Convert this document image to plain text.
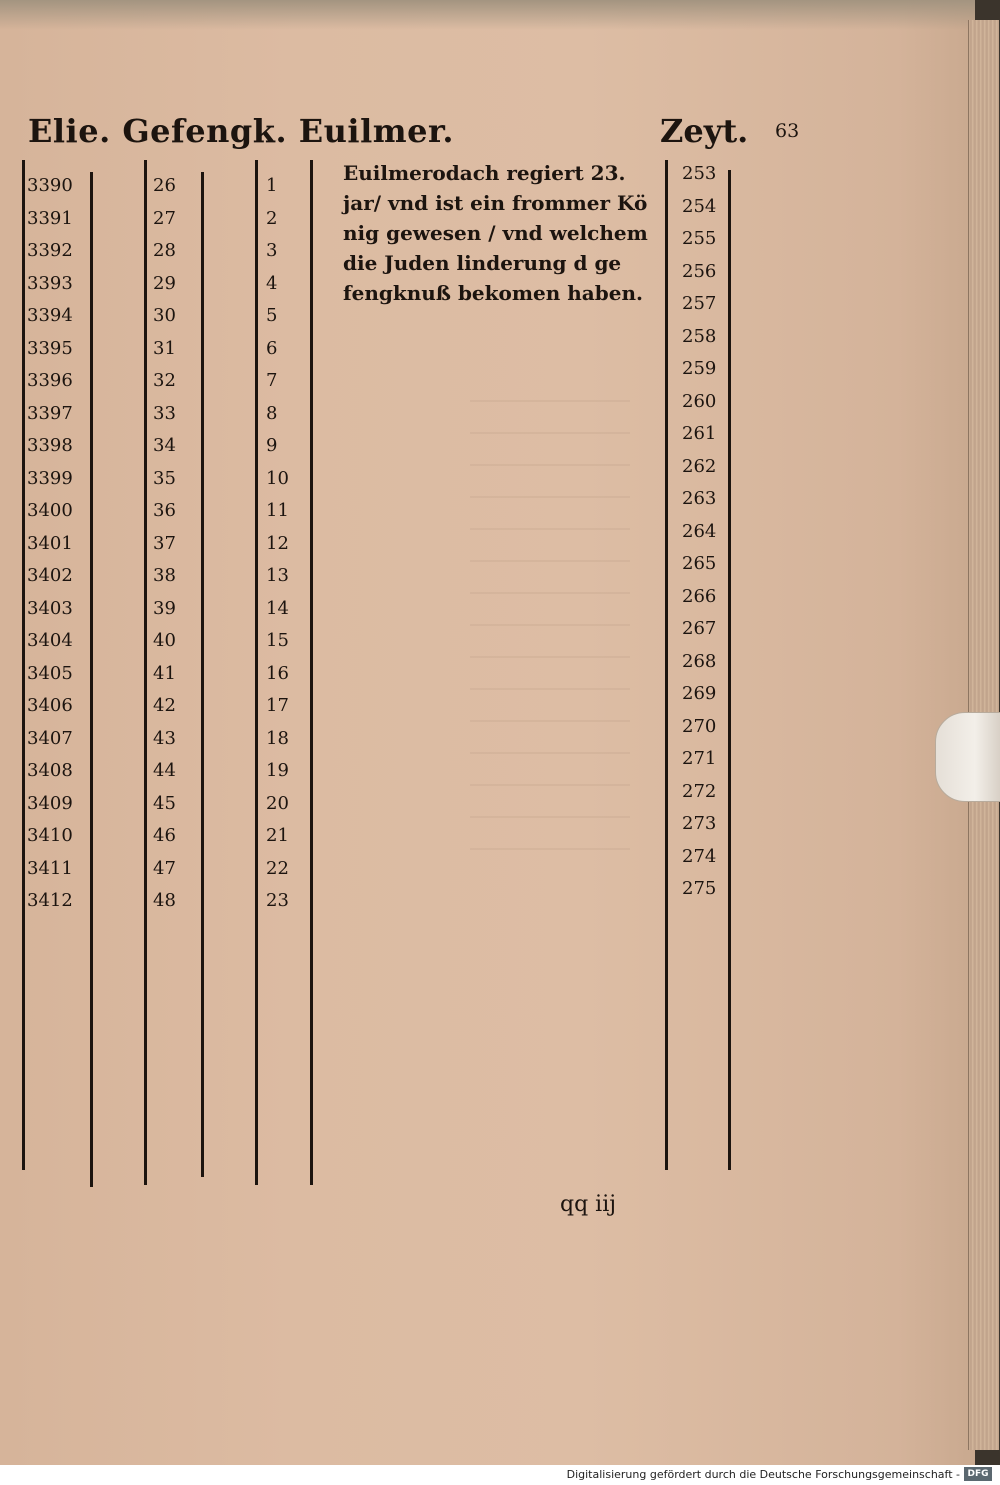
Elie. Gefengk. Euilmer.	Zeyt. 63
3390
3391
3392
3393
3394
3395
3396
3397
3398
3399
3400
3401
3402
3403
3404
3405
3406
3407
3408
3409
3410
3411
3412
26
27
28
29
30
31
32
33
34
35
36
37
38
39
40
41
42
43
44
45
46
47
48
1
2
3
4
5
6
7
8
9
10
11
12
13
14
15
16
17
18
19
20
21
22
23
Euilmerodach regiert 23.
jar/ vnd ist ein frommer Kö
nig gewesen / vnd welchem
die Juden linderung d ge
fengknuß bekomen haben.
253
254
255
256
257
258
259
260
261
262
263
264
265
266
267
268
269
270
271
272
273
274
275
qq iij
Digitalisierung gefördert durch die Deutsche Forschungsgemeinschaft - DFG
